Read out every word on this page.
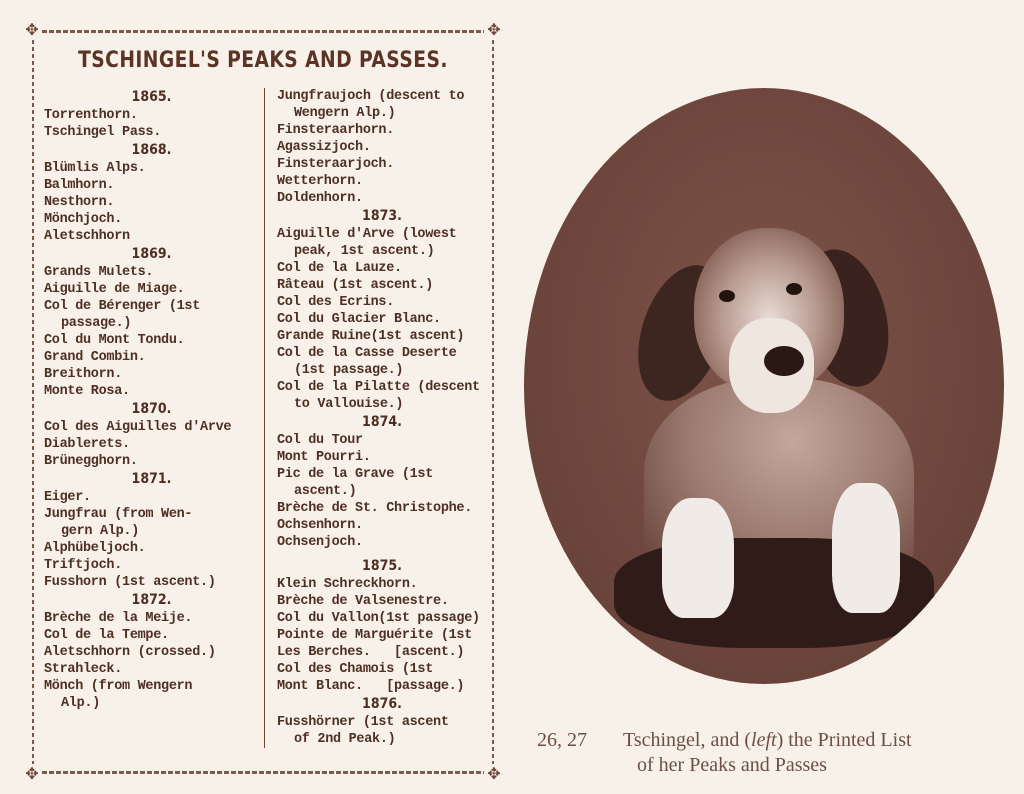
✥	✥
✥	✥
TSCHINGEL'S PEAKS AND PASSES.
1865.
Torrenthorn.
Tschingel Pass.
1868.
Blümlis Alps.
Balmhorn.
Nesthorn.
Mönchjoch.
Aletschhorn
1869.
Grands Mulets.
Aiguille de Miage.
Col de Bérenger (1st
passage.)
Col du Mont Tondu.
Grand Combin.
Breithorn.
Monte Rosa.
1870.
Col des Aiguilles d'Arve
Diablerets.
Brünegghorn.
1871.
Eiger.
Jungfrau (from Wen-
gern Alp.)
Alphübeljoch.
Triftjoch.
Fusshorn (1st ascent.)
1872.
Brèche de la Meije.
Col de la Tempe.
Aletschhorn (crossed.)
Strahleck.
Mönch (from Wengern
Alp.)
Jungfraujoch (descent to
Wengern Alp.)
Finsteraarhorn.
Agassizjoch.
Finsteraarjoch.
Wetterhorn.
Doldenhorn.
1873.
Aiguille d'Arve (lowest
peak, 1st ascent.)
Col de la Lauze.
Râteau (1st ascent.)
Col des Ecrins.
Col du Glacier Blanc.
Grande Ruine(1st ascent)
Col de la Casse Deserte
(1st passage.)
Col de la Pilatte (descent
to Vallouise.)
1874.
Col du Tour
Mont Pourri.
Pic de la Grave (1st
ascent.)
Brèche de St. Christophe.
Ochsenhorn.
Ochsenjoch.
1875.
Klein Schreckhorn.
Brèche de Valsenestre.
Col du Vallon(1st passage)
Pointe de Marguérite (1st
Les Berches.   [ascent.)
Col des Chamois (1st
Mont Blanc.   [passage.)
1876.
Fusshörner (1st ascent
of 2nd Peak.)	26, 27 Tschingel, and (left) the Printed List
of her Peaks and Passes
